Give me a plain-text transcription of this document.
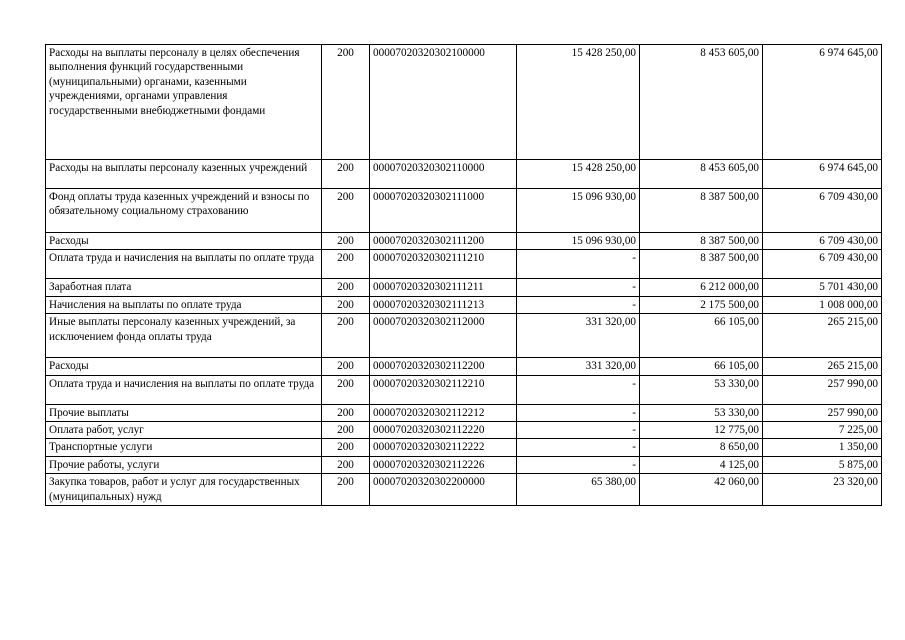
Расходы на выплаты персоналу в целях обеспечения выполнения функций государственными (муниципальными) органами, казенными учреждениями, органами управления государственными внебюджетными фондами	200	00007020320302100000	15 428 250,00	8 453 605,00	6 974 645,00
Расходы на выплаты персоналу казенных учреждений	200	00007020320302110000	15 428 250,00	8 453 605,00	6 974 645,00
Фонд оплаты труда казенных учреждений и взносы по обязательному социальному страхованию	200	00007020320302111000	15 096 930,00	8 387 500,00	6 709 430,00
Расходы	200	00007020320302111200	15 096 930,00	8 387 500,00	6 709 430,00
Оплата труда и начисления на выплаты по оплате труда	200	00007020320302111210	-	8 387 500,00	6 709 430,00
Заработная плата	200	00007020320302111211	-	6 212 000,00	5 701 430,00
Начисления на выплаты по оплате труда	200	00007020320302111213	-	2 175 500,00	1 008 000,00
Иные выплаты персоналу казенных учреждений, за исключением фонда оплаты труда	200	00007020320302112000	331 320,00	66 105,00	265 215,00
Расходы	200	00007020320302112200	331 320,00	66 105,00	265 215,00
Оплата труда и начисления на выплаты по оплате труда	200	00007020320302112210	-	53 330,00	257 990,00
Прочие выплаты	200	00007020320302112212	-	53 330,00	257 990,00
Оплата работ, услуг	200	00007020320302112220	-	12 775,00	7 225,00
Транспортные услуги	200	00007020320302112222	-	8 650,00	1 350,00
Прочие работы, услуги	200	00007020320302112226	-	4 125,00	5 875,00
Закупка товаров, работ и услуг для государственных (муниципальных) нужд	200	00007020320302200000	65 380,00	42 060,00	23 320,00
